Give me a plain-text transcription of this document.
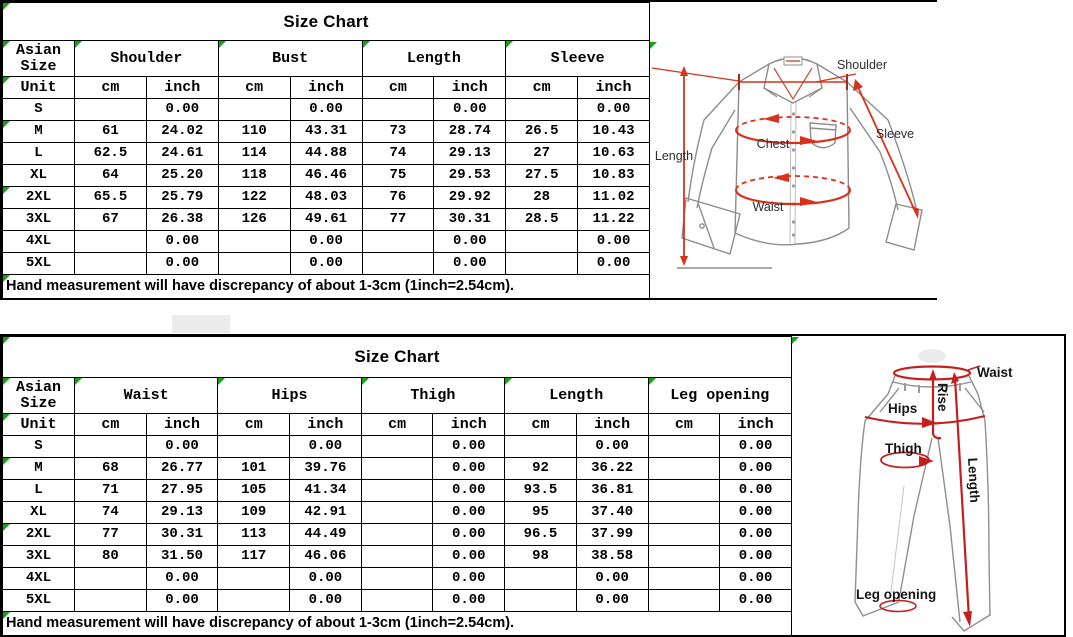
Size Chart								

Asian
Size	Shoulder		Bust		Length		Sleeve	
Unit	cm	inch	cm	inch	cm	inch	cm	inch
S		0.00		0.00		0.00		0.00
M	61	24.02	110	43.31	73	28.74	26.5	10.43
L	62.5	24.61	114	44.88	74	29.13	27	10.63
XL	64	25.20	118	46.46	75	29.53	27.5	10.83
2XL	65.5	25.79	122	48.03	76	29.92	28	11.02
3XL	67	26.38	126	49.61	77	30.31	28.5	11.22
4XL		0.00		0.00		0.00		0.00
5XL		0.00		0.00		0.00		0.00
Hand measurement will have discrepancy of about 1-3cm (1inch=2.54cm).								
Shoulder
Sleeve
Chest
Waist
Length
Size Chart										

Asian
Size	Waist		Hips		Thigh		Length		Leg opening	
Unit	cm	inch	cm	inch	cm	inch	cm	inch	cm	inch
S		0.00		0.00		0.00		0.00		0.00
M	68	26.77	101	39.76		0.00	92	36.22		0.00
L	71	27.95	105	41.34		0.00	93.5	36.81		0.00
XL	74	29.13	109	42.91		0.00	95	37.40		0.00
2XL	77	30.31	113	44.49		0.00	96.5	37.99		0.00
3XL	80	31.50	117	46.06		0.00	98	38.58		0.00
4XL		0.00		0.00		0.00		0.00		0.00
5XL		0.00		0.00		0.00		0.00		0.00
Hand measurement will have discrepancy of about 1-3cm (1inch=2.54cm).										
Waist
Rise
Hips
Thigh
Length
Leg opening
